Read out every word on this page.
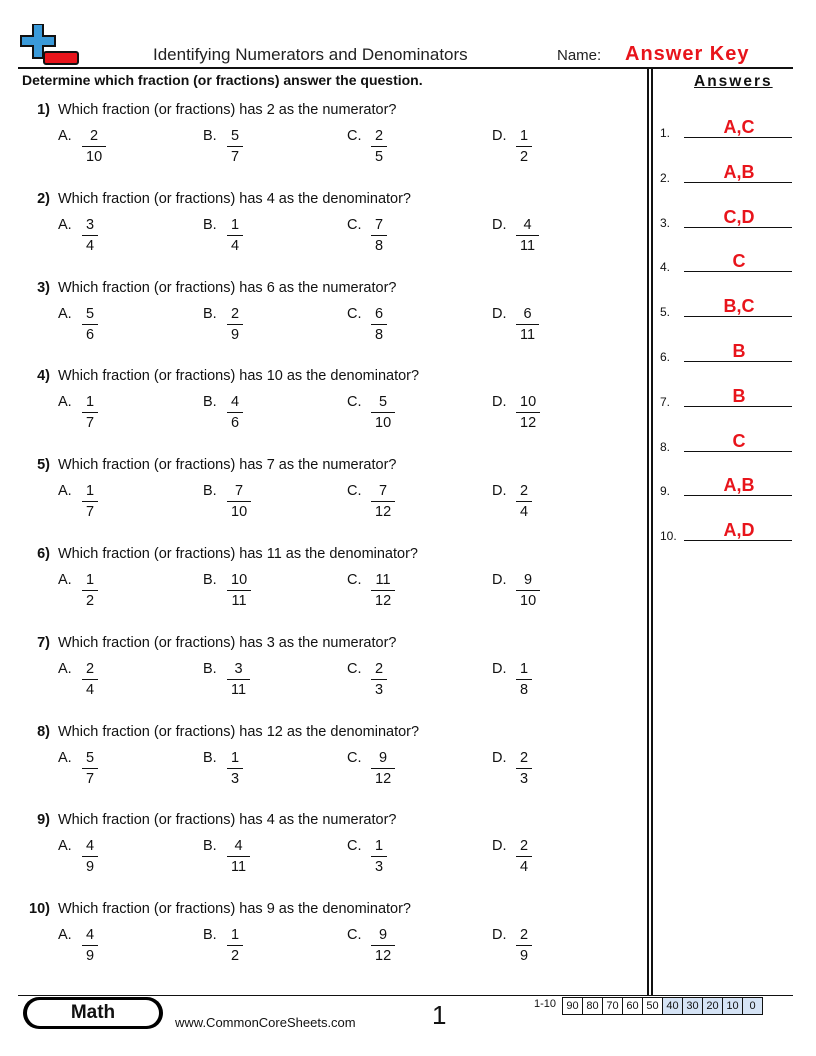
Identifying Numerators and Denominators	Name: Answer Key
Determine which fraction (or fractions) answer the question.	Answers
1) Which fraction (or fractions) has 2 as the numerator?
A. 2
10
B. 5
7
C. 2
5
D. 1
2
2) Which fraction (or fractions) has 4 as the denominator?
A. 3
4
B. 1
4
C. 7
8
D. 4
11
3) Which fraction (or fractions) has 6 as the numerator?
A. 5
6
B. 2
9
C. 6
8
D. 6
11
4) Which fraction (or fractions) has 10 as the denominator?
A. 1
7
B. 4
6
C. 5
10
D. 10
12
5) Which fraction (or fractions) has 7 as the numerator?
A. 1
7
B. 7
10
C. 7
12
D. 2
4
6) Which fraction (or fractions) has 11 as the denominator?
A. 1
2
B. 10
11
C. 11
12
D. 9
10
7) Which fraction (or fractions) has 3 as the numerator?
A. 2
4
B. 3
11
C. 2
3
D. 1
8
8) Which fraction (or fractions) has 12 as the denominator?
A. 5
7
B. 1
3
C. 9
12
D. 2
3
9) Which fraction (or fractions) has 4 as the numerator?
A. 4
9
B. 4
11
C. 1
3
D. 2
4
10) Which fraction (or fractions) has 9 as the denominator?
A. 4
9
B. 1
2
C. 9
12
D. 2
9
1.	A,C
2.	A,B
3.	C,D
4.	C
5.	B,C
6.	B
7.	B
8.	C
9.	A,B
10.	A,D
Math	www.CommonCoreSheets.com	1	1-10 90 80 70 60 50 40 30 20 10 0
